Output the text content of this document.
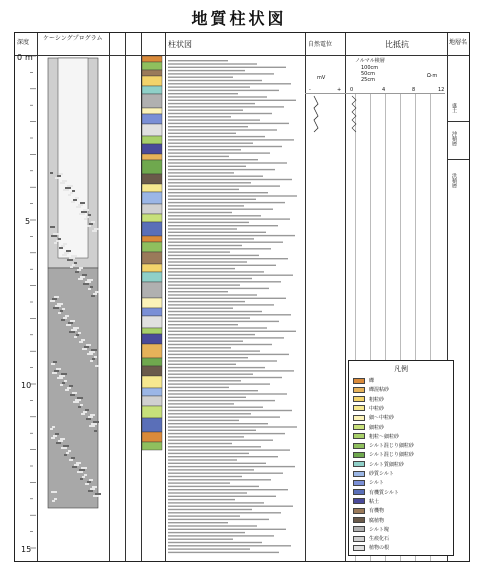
地質柱状図
深度
ケーシングプログラム
柱状図	自然電位	比抵抗	地層名
ノルマル検層
100cm
50cm
25cm
Ω·m
0	4	8	12
mV
-	+
0 m
5
10
15
盛土
沖積層
洪積層
凡例
礫
礫混粘砂
粗粒砂
中粒砂
細〜中粒砂
細粒砂
粗粒〜細粒砂
シルト混じり細粒砂
シルト混じり細粒砂
シルト質細粒砂
砂質シルト
シルト
有機質シルト
粘土
有機物
腐植物
シルト塊
生痕化石
植物の根
